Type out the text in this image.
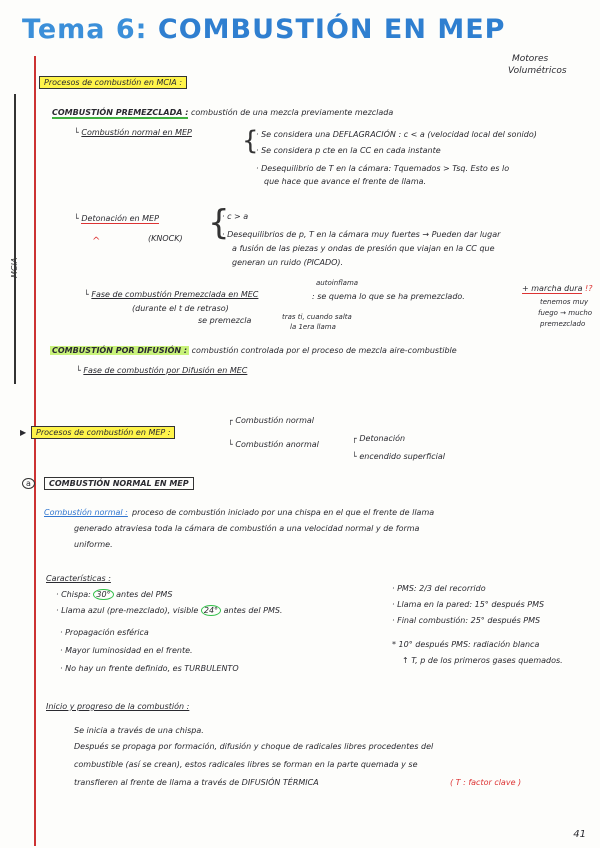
Tema 6: COMBUSTIÓN EN MEP
Motores
Volumétricos
MCIA
Procesos de combustión en MCIA :
COMBUSTIÓN PREMEZCLADA : combustión de una mezcla previamente mezclada
└ Combustión normal en MEP {
· Se considera una DEFLAGRACIÓN : c < a (velocidad local del sonido)
· Se considera p cte en la CC en cada instante
· Desequilibrio de T en la cámara: Tquemados > Tsq. Esto es lo
que hace que avance el frente de llama.
└ Detonación en MEP
(KNOCK)
^	{
· c > a
· Desequilibrios de p, T en la cámara muy fuertes → Pueden dar lugar
a fusión de las piezas y ondas de presión que viajan en la CC que
generan un ruido (PICADO).
autoinflama
└ Fase de combustión Premezclada en MEC	: se quema lo que se ha premezclado.
(durante el t de retraso)
se premezcla	tras ti, cuando salta
la 1era llama
+ marcha dura !?
tenemos muy
fuego → mucho
premezclado
COMBUSTIÓN POR DIFUSIÓN : combustión controlada por el proceso de mezcla aire-combustible
└ Fase de combustión por Difusión en MEC
▶	Procesos de combustión en MEP :
┌ Combustión normal
└ Combustión anormal
┌ Detonación
└ encendido superficial
a	COMBUSTIÓN NORMAL EN MEP
Combustión normal : proceso de combustión iniciado por una chispa en el que el frente de llama
generado atraviesa toda la cámara de combustión a una velocidad normal y de forma
uniforme.
Características :
· Chispa: 30° antes del PMS
· Llama azul (pre-mezclado), visible 24° antes del PMS.
· Propagación esférica
· Mayor luminosidad en el frente.
· No hay un frente definido, es TURBULENTO
· PMS: 2/3 del recorrido
· Llama en la pared: 15° después PMS
· Final combustión: 25° después PMS
* 10° después PMS: radiación blanca
↑ T, p de los primeros gases quemados.
Inicio y progreso de la combustión :
Se inicia a través de una chispa.
Después se propaga por formación, difusión y choque de radicales libres procedentes del
combustible (así se crean), estos radicales libres se forman en la parte quemada y se
transfieren al frente de llama a través de DIFUSIÓN TÉRMICA	( T : factor clave )
41
